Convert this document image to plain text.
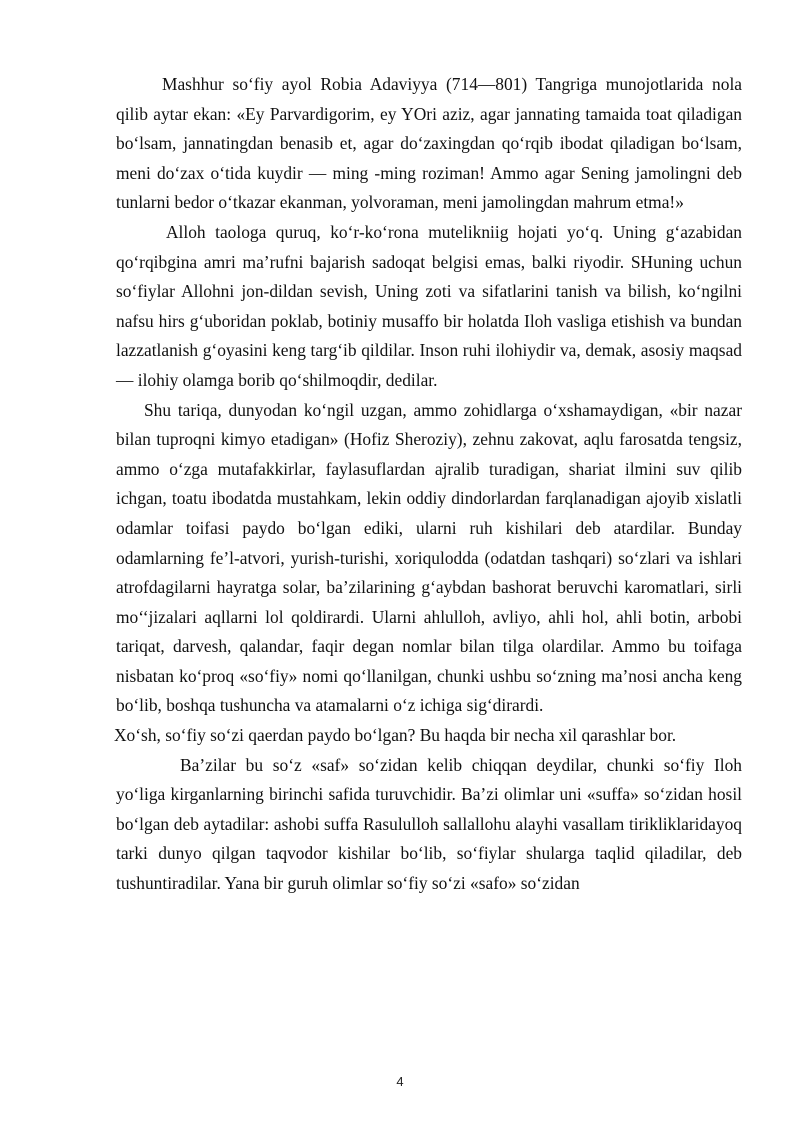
Mashhur so‘fiy ayol Robia Adaviyya (714—801) Tangriga munojotlarida nola qilib aytar ekan: «Ey Parvardigorim, ey YOri aziz, agar jannating tamaida toat qiladigan bo‘lsam, jannatingdan benasib et, agar do‘zaxingdan qo‘rqib ibodat qiladigan bo‘lsam, meni do‘zax o‘tida kuydir — ming -ming roziman! Ammo agar Sening jamolingni deb tunlarni bedor o‘tkazar ekanman, yolvoraman, meni jamolingdan mahrum etma!»

Alloh taologa quruq, ko‘r-ko‘rona mutelikniig hojati yo‘q. Uning g‘azabidan qo‘rqibgina amri ma’rufni bajarish sadoqat belgisi emas, balki riyodir. SHuning uchun so‘fiylar Allohni jon-dildan sevish, Uning zoti va sifatlarini tanish va bilish, ko‘ngilni nafsu hirs g‘uboridan poklab, botiniy musaffo bir holatda Iloh vasliga etishish va bundan lazzatlanish g‘oyasini keng targ‘ib qildilar. Inson ruhi ilohiydir va, demak, asosiy maqsad — ilohiy olamga borib qo‘shilmoqdir, dedilar.

Shu tariqa, dunyodan ko‘ngil uzgan, ammo zohidlarga o‘xshamaydigan, «bir nazar bilan tuproqni kimyo etadigan» (Hofiz Sheroziy), zehnu zakovat, aqlu farosatda tengsiz, ammo o‘zga mutafakkirlar, faylasuflardan ajralib turadigan, shariat ilmini suv qilib ichgan, toatu ibodatda mustahkam, lekin oddiy dindorlardan farqlanadigan ajoyib xislatli odamlar toifasi paydo bo‘lgan ediki, ularni ruh kishilari deb atardilar. Bunday odamlarning fe’l-atvori, yurish-turishi, xoriqulodda (odatdan tashqari) so‘zlari va ishlari atrofdagilarni hayratga solar, ba’zilarining g‘aybdan bashorat beruvchi karomatlari, sirli mo‘‘jizalari aqllarni lol qoldirardi. Ularni ahlulloh, avliyo, ahli hol, ahli botin, arbobi tariqat, darvesh, qalandar, faqir degan nomlar bilan tilga olardilar. Ammo bu toifaga nisbatan ko‘proq «so‘fiy» nomi qo‘llanilgan, chunki ushbu so‘zning ma’nosi ancha keng bo‘lib, boshqa tushuncha va atamalarni o‘z ichiga sig‘dirardi.

Xo‘sh, so‘fiy so‘zi qaerdan paydo bo‘lgan? Bu haqda bir necha xil qarashlar bor.

Ba’zilar bu so‘z «saf» so‘zidan kelib chiqqan deydilar, chunki so‘fiy Iloh yo‘liga kirganlarning birinchi safida turuvchidir. Ba’zi olimlar uni «suffa» so‘zidan hosil bo‘lgan deb aytadilar: ashobi suffa Rasululloh sallallohu alayhi vasallam tirikliklaridayoq tarki dunyo qilgan taqvodor kishilar bo‘lib, so‘fiylar shularga taqlid qiladilar, deb tushuntiradilar. Yana bir guruh olimlar so‘fiy so‘zi «safo» so‘zidan

4
